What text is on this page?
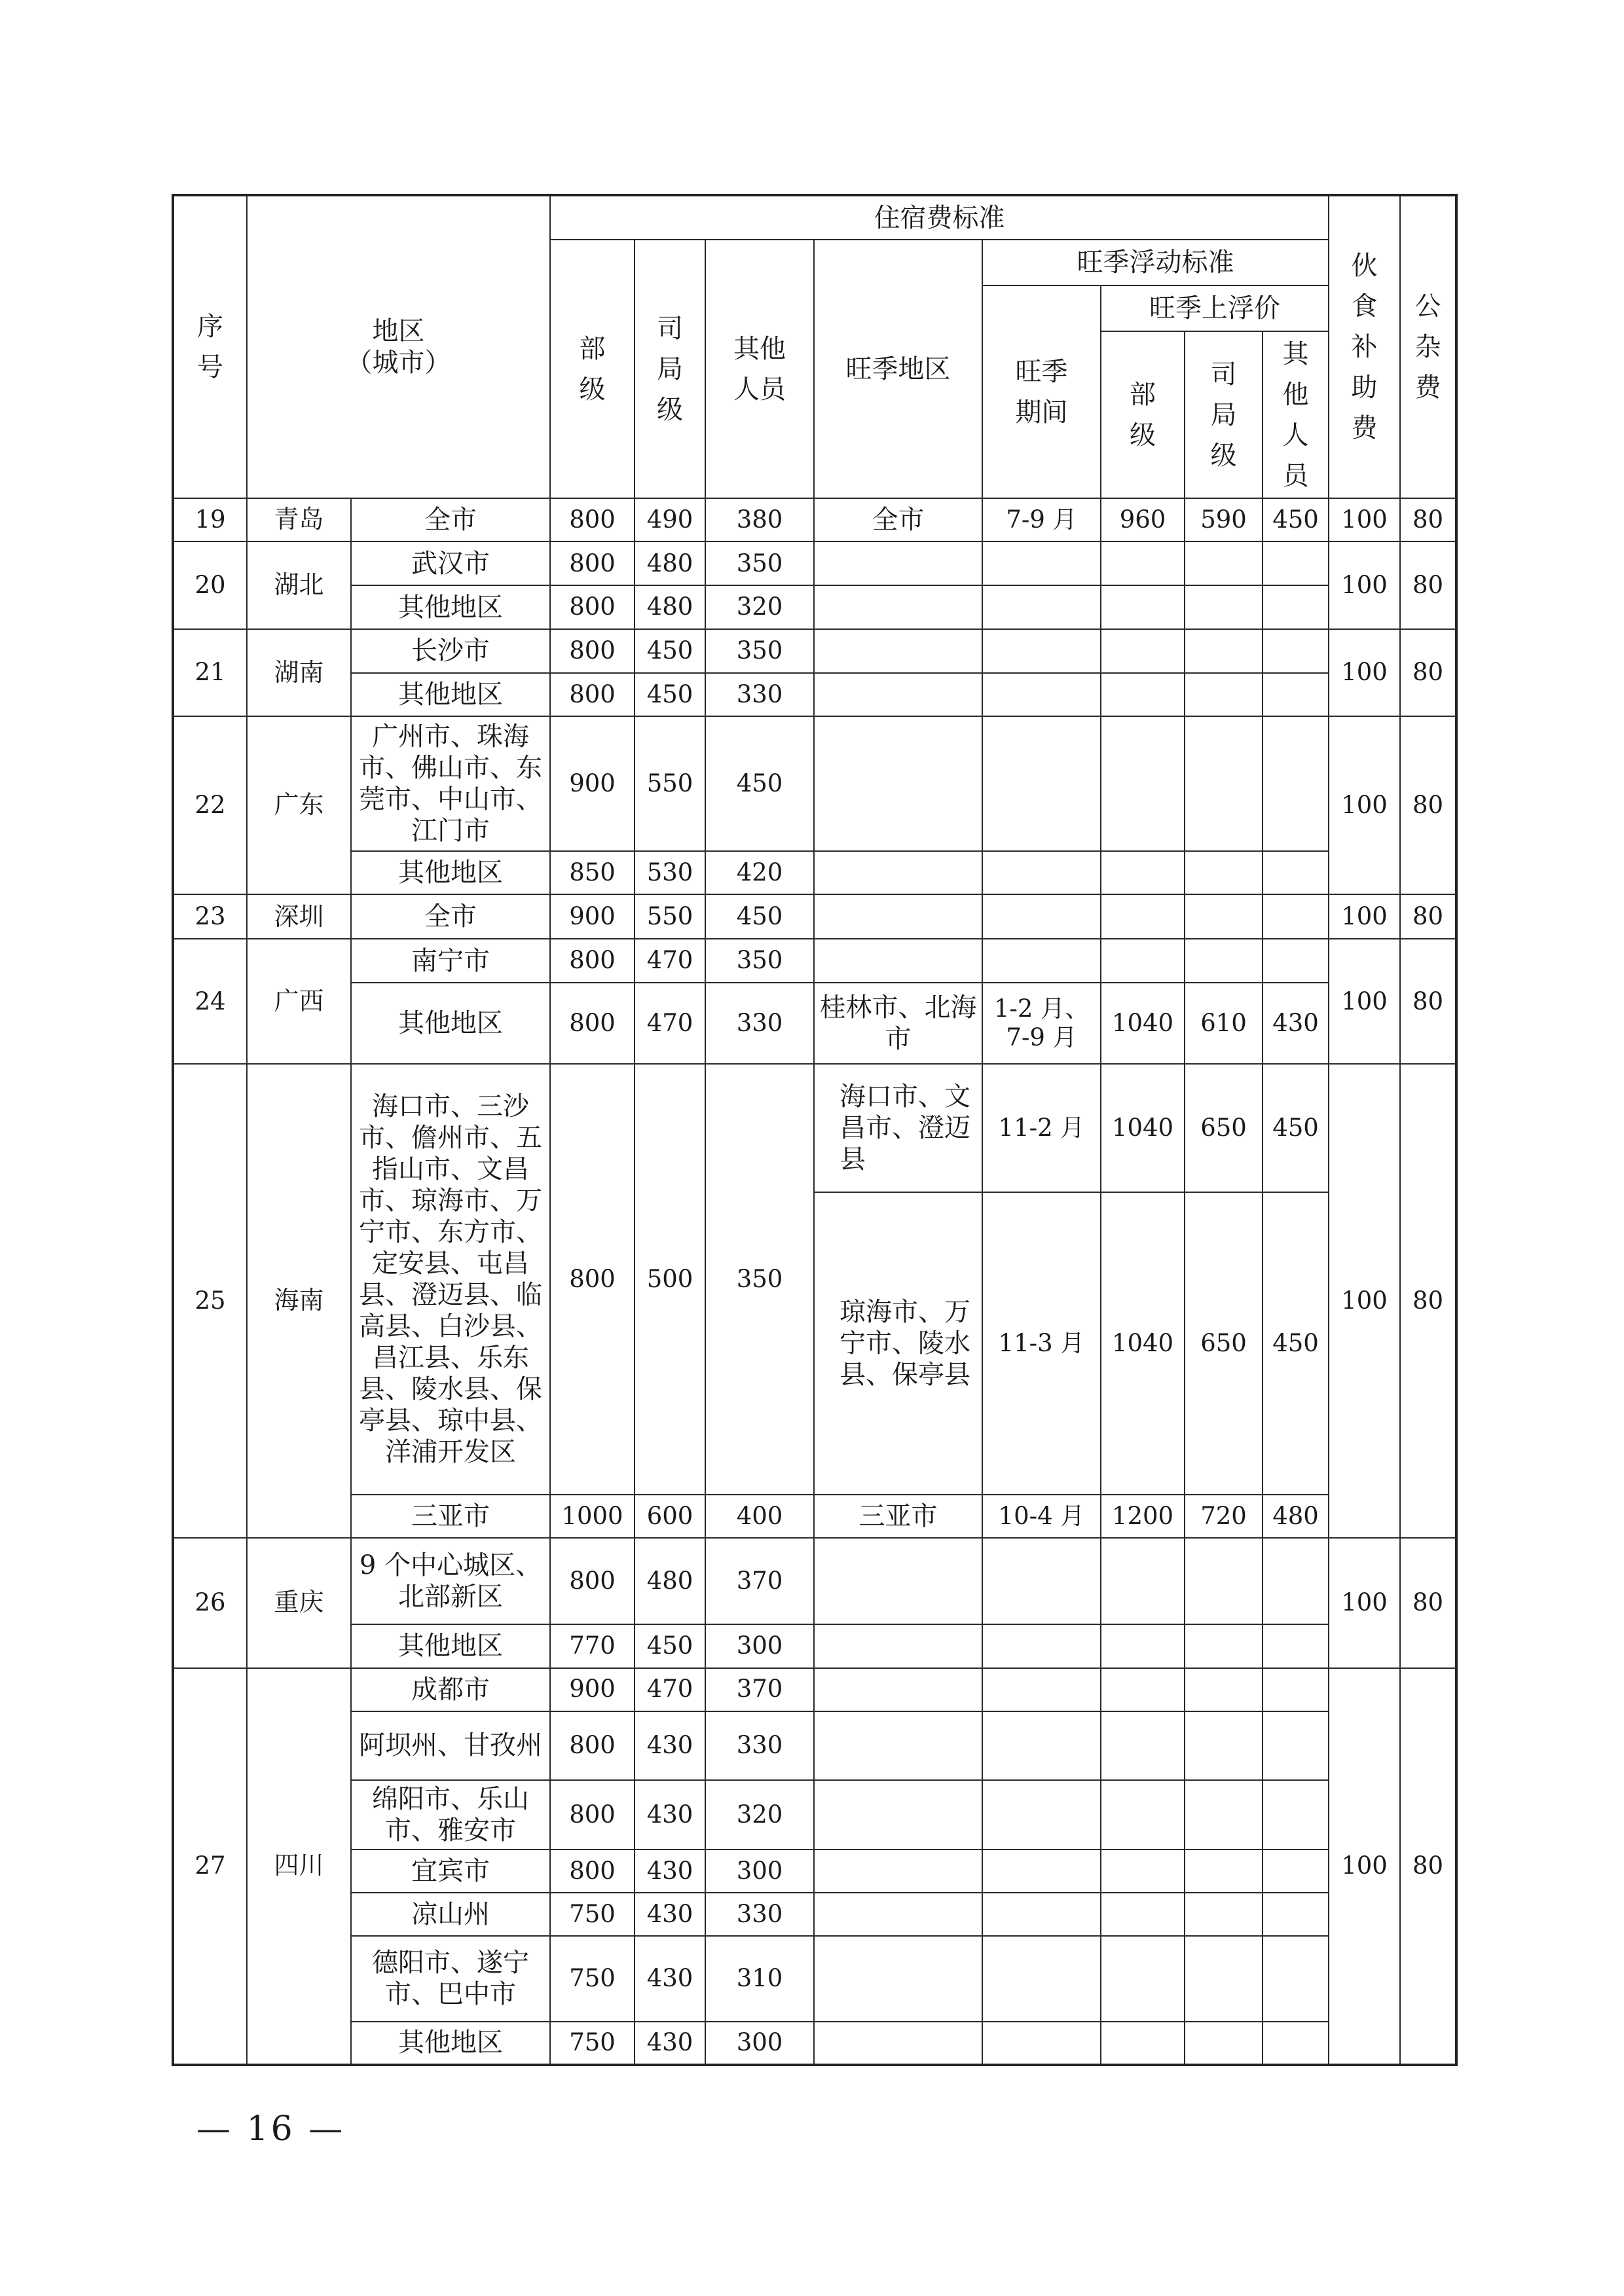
序号	地区
（城市）		住宿费标准								伙食补助费	公杂费
			部级	司局级	其他人员	旺季地区	旺季浮动标准					
							旺季期间	旺季上浮价				
								部级	司局级	其他人员		
19	青岛	全市	800	490	380	全市	7-9 月	960	590	450	100	80
20	湖北	武汉市	800	480	350						100	80
		其他地区	800	480	320							
21	湖南	长沙市	800	450	350						100	80
		其他地区	800	450	330							
22	广东	广州市、珠海市、佛山市、东莞市、中山市、江门市	900	550	450						100	80
		其他地区	850	530	420							
23	深圳	全市	900	550	450						100	80
24	广西	南宁市	800	470	350						100	80
		其他地区	800	470	330	桂林市、北海市	1-2 月、7-9 月	1040	610	430		
25	海南	海口市、三沙市、儋州市、五指山市、文昌市、琼海市、万宁市、东方市、定安县、屯昌县、澄迈县、临高县、白沙县、昌江县、乐东县、陵水县、保亭县、琼中县、洋浦开发区	800	500	350	海口市、文昌市、澄迈县	11-2 月	1040	650	450	100	80
						琼海市、万宁市、陵水县、保亭县	11-3 月	1040	650	450		
		三亚市	1000	600	400	三亚市	10-4 月	1200	720	480		
26	重庆	9 个中心城区、北部新区	800	480	370						100	80
		其他地区	770	450	300							
27	四川	成都市	900	470	370						100	80
		阿坝州、甘孜州	800	430	330							
		绵阳市、乐山市、雅安市	800	430	320							
		宜宾市	800	430	300							
		凉山州	750	430	330							
		德阳市、遂宁市、巴中市	750	430	310							
		其他地区	750	430	300							
— 16 —
